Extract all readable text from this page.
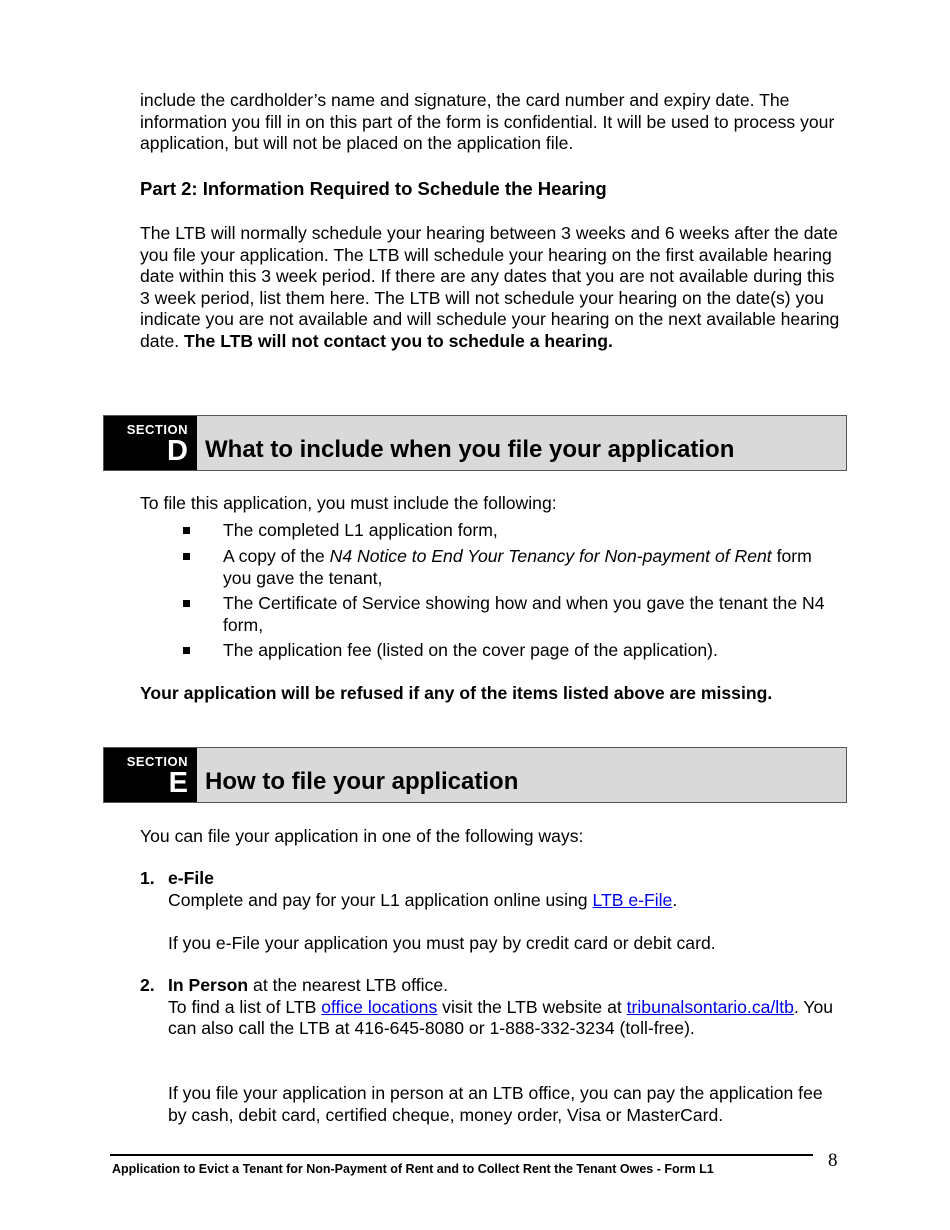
include the cardholder’s name and signature, the card number and expiry date. The information you fill in on this part of the form is confidential. It will be used to process your application, but will not be placed on the application file.

Part 2: Information Required to Schedule the Hearing

The LTB will normally schedule your hearing between 3 weeks and 6 weeks after the date you file your application. The LTB will schedule your hearing on the first available hearing date within this 3 week period. If there are any dates that you are not available during this 3 week period, list them here. The LTB will not schedule your hearing on the date(s) you indicate you are not available and will schedule your hearing on the next available hearing date. The LTB will not contact you to schedule a hearing.

SECTION
D What to include when you file your application

To file this application, you must include the following:

The completed L1 application form,
A copy of the N4 Notice to End Your Tenancy for Non-payment of Rent form you gave the tenant,
The Certificate of Service showing how and when you gave the tenant the N4 form,
The application fee (listed on the cover page of the application).

Your application will be refused if any of the items listed above are missing.

SECTION
E How to file your application

You can file your application in one of the following ways:

1. e-File
Complete and pay for your L1 application online using LTB e-File.

If you e-File your application you must pay by credit card or debit card.

2. In Person at the nearest LTB office.
To find a list of LTB office locations visit the LTB website at tribunalsontario.ca/ltb. You can also call the LTB at 416-645-8080 or 1-888-332-3234 (toll-free).

If you file your application in person at an LTB office, you can pay the application fee by cash, debit card, certified cheque, money order, Visa or MasterCard.

Application to Evict a Tenant for Non-Payment of Rent and to Collect Rent the Tenant Owes - Form L1	8
